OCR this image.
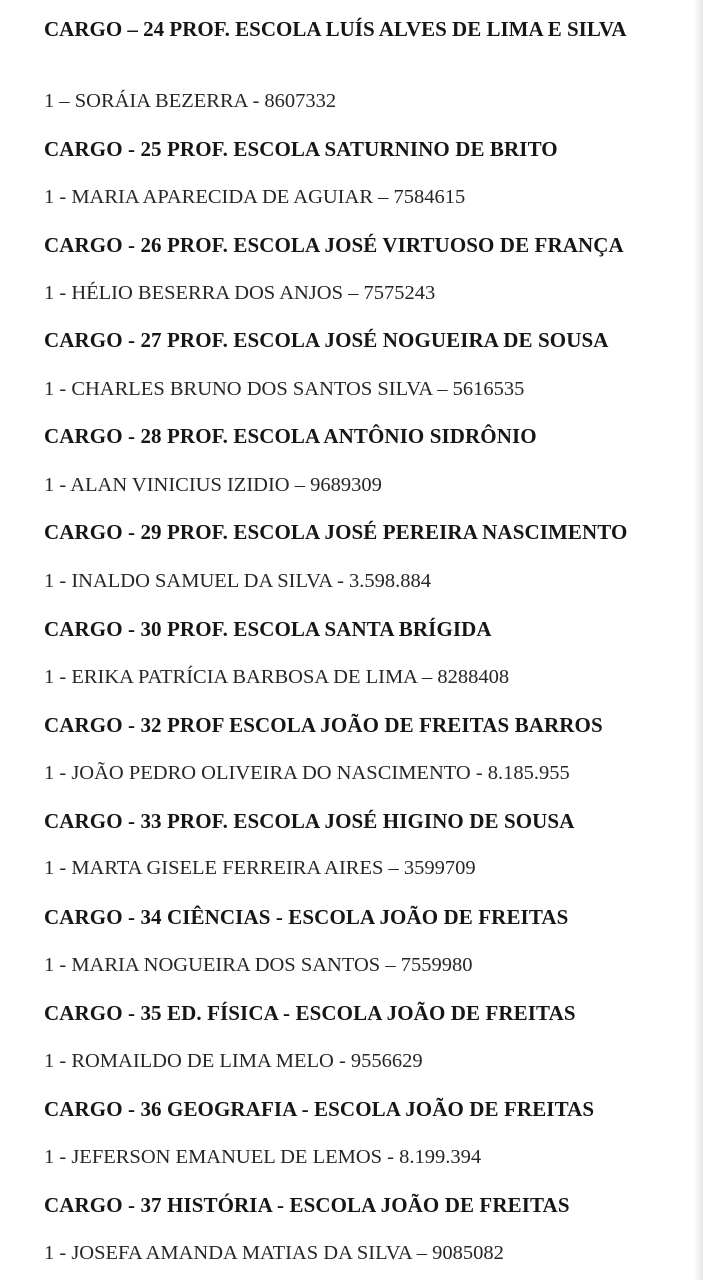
CARGO – 24 PROF. ESCOLA LUÍS ALVES DE LIMA E SILVA
1 – SORÁIA BEZERRA - 8607332
CARGO - 25 PROF. ESCOLA SATURNINO DE BRITO
1 - MARIA APARECIDA DE AGUIAR – 7584615
CARGO - 26 PROF. ESCOLA JOSÉ VIRTUOSO DE FRANÇA
1 - HÉLIO BESERRA DOS ANJOS – 7575243
CARGO - 27 PROF. ESCOLA JOSÉ NOGUEIRA DE SOUSA
1 - CHARLES BRUNO DOS SANTOS SILVA – 5616535
CARGO - 28 PROF. ESCOLA ANTÔNIO SIDRÔNIO
1 - ALAN VINICIUS IZIDIO – 9689309
CARGO - 29 PROF. ESCOLA JOSÉ PEREIRA NASCIMENTO
1 - INALDO SAMUEL DA SILVA - 3.598.884
CARGO - 30 PROF. ESCOLA SANTA BRÍGIDA
1 - ERIKA PATRÍCIA BARBOSA DE LIMA – 8288408
CARGO - 32 PROF ESCOLA JOÃO DE FREITAS BARROS
1 - JOÃO PEDRO OLIVEIRA DO NASCIMENTO - 8.185.955
CARGO - 33 PROF. ESCOLA JOSÉ HIGINO DE SOUSA
1 - MARTA GISELE FERREIRA AIRES – 3599709
CARGO - 34 CIÊNCIAS - ESCOLA JOÃO DE FREITAS
1 - MARIA NOGUEIRA DOS SANTOS – 7559980
CARGO - 35 ED. FÍSICA - ESCOLA JOÃO DE FREITAS
1 - ROMAILDO DE LIMA MELO - 9556629
CARGO - 36 GEOGRAFIA - ESCOLA JOÃO DE FREITAS
1 - JEFERSON EMANUEL DE LEMOS - 8.199.394
CARGO - 37 HISTÓRIA - ESCOLA JOÃO DE FREITAS
1 - JOSEFA AMANDA MATIAS DA SILVA – 9085082
